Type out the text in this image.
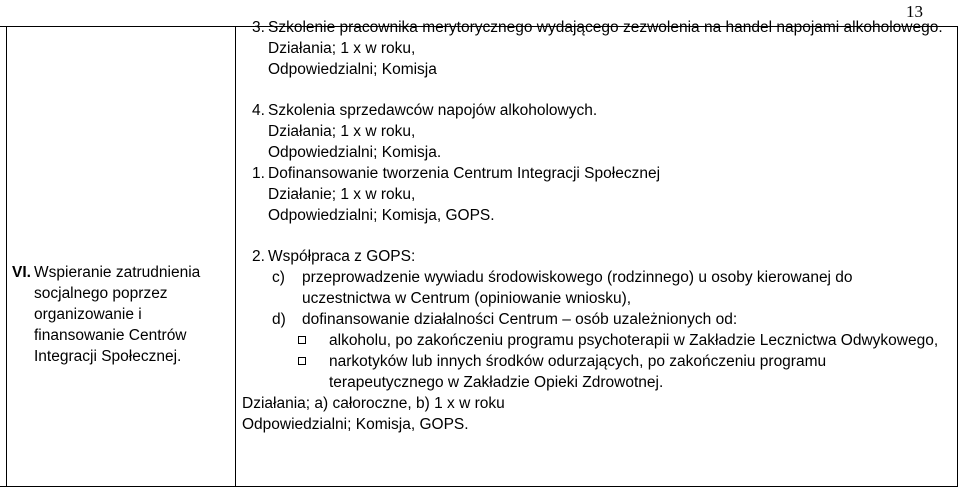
13
VI. Wspieranie zatrudnienia
socjalnego poprzez
organizowanie i
finansowanie Centrów
Integracji Społecznej.
3. Szkolenie pracownika merytorycznego wydającego zezwolenia na handel napojami alkoholowego.
Działania; 1 x w roku,
Odpowiedzialni; Komisja
4. Szkolenia sprzedawców napojów alkoholowych.
Działania; 1 x w roku,
Odpowiedzialni; Komisja.
1. Dofinansowanie tworzenia Centrum Integracji Społecznej
Działanie; 1 x w roku,
Odpowiedzialni; Komisja, GOPS.
2. Współpraca z GOPS:
c) przeprowadzenie wywiadu środowiskowego (rodzinnego) u osoby kierowanej do
uczestnictwa w Centrum (opiniowanie wniosku),
d) dofinansowanie działalności Centrum – osób uzależnionych od:
alkoholu, po zakończeniu programu psychoterapii w Zakładzie Lecznictwa Odwykowego,
narkotyków lub innych środków odurzających, po zakończeniu programu
terapeutycznego w Zakładzie Opieki Zdrowotnej.
Działania; a) całoroczne, b) 1 x w roku
Odpowiedzialni; Komisja, GOPS.
